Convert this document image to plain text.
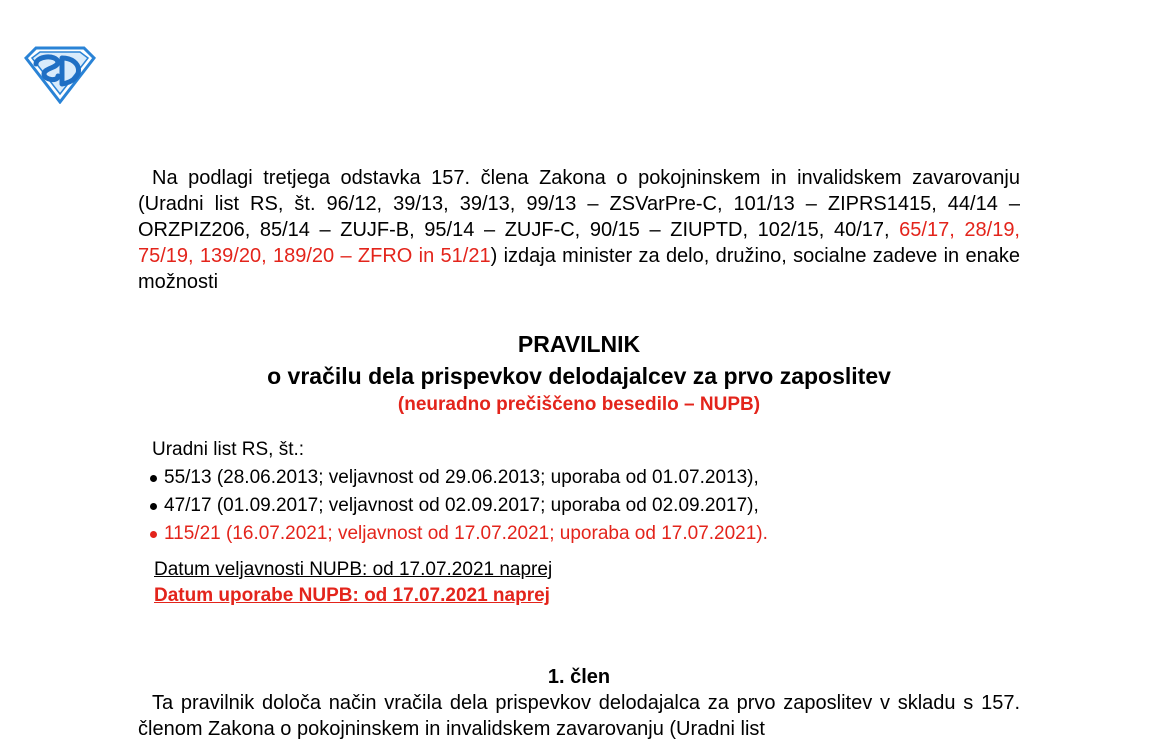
Na podlagi tretjega odstavka 157. člena Zakona o pokojninskem in invalidskem zavarovanju (Uradni list RS, št. 96/12, 39/13, 39/13, 99/13 – ZSVarPre-C, 101/13 – ZIPRS1415, 44/14 – ORZPIZ206, 85/14 – ZUJF-B, 95/14 – ZUJF-C, 90/15 – ZIUPTD, 102/15, 40/17, 65/17, 28/19, 75/19, 139/20, 189/20 – ZFRO in 51/21) izdaja minister za delo, družino, socialne zadeve in enake možnosti

PRAVILNIK
o vračilu dela prispevkov delodajalcev za prvo zaposlitev
(neuradno prečiščeno besedilo – NUPB)
Uradni list RS, št.:
55/13 (28.06.2013; veljavnost od 29.06.2013; uporaba od 01.07.2013),
47/17 (01.09.2017; veljavnost od 02.09.2017; uporaba od 02.09.2017),
115/21 (16.07.2021; veljavnost od 17.07.2021; uporaba od 17.07.2021).
Datum veljavnosti NUPB: od 17.07.2021 naprej
Datum uporabe NUPB: od 17.07.2021 naprej
1. člen

Ta pravilnik določa način vračila dela prispevkov delodajalca za prvo zaposlitev v skladu s 157. členom Zakona o pokojninskem in invalidskem zavarovanju (Uradni list
